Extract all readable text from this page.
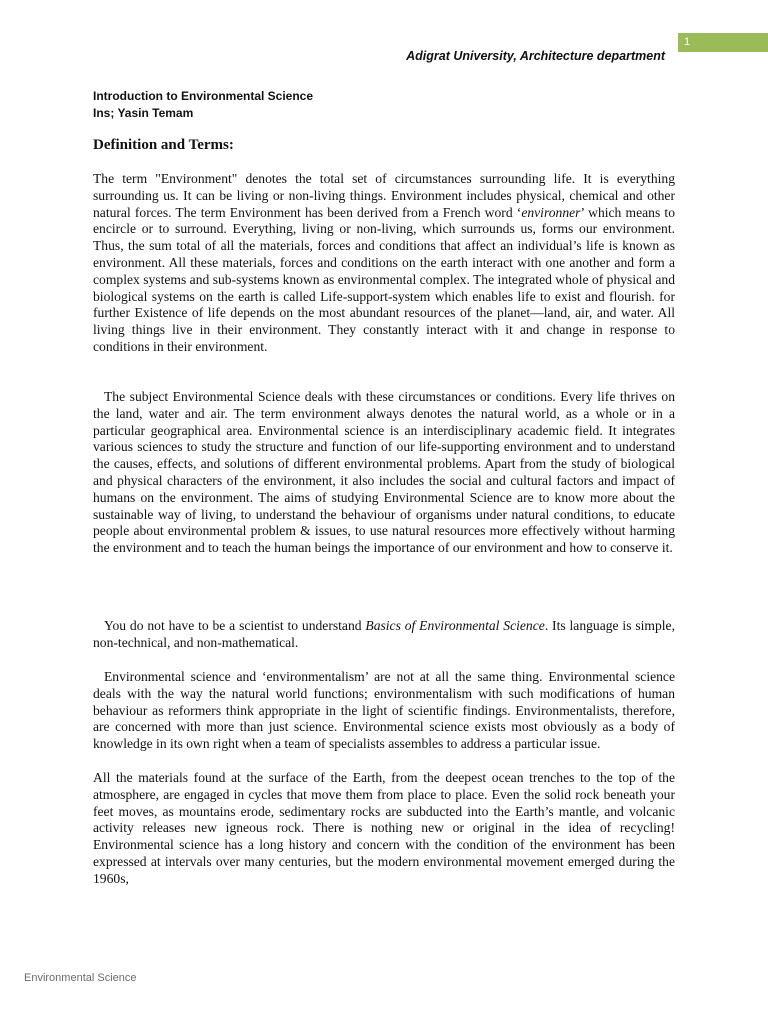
1
Adigrat University, Architecture department
Introduction to Environmental Science
Ins; Yasin Temam
Definition and Terms:

The term "Environment" denotes the total set of circumstances surrounding life. It is everything surrounding us. It can be living or non-living things. Environment includes physical, chemical and other natural forces. The term Environment has been derived from a French word ‘environner’ which means to encircle or to surround. Everything, living or non-living, which surrounds us, forms our environment. Thus, the sum total of all the materials, forces and conditions that affect an individual’s life is known as environment. All these materials, forces and conditions on the earth interact with one another and form a complex systems and sub-systems known as environmental complex. The integrated whole of physical and biological systems on the earth is called Life-support-system which enables life to exist and flourish. for further Existence of life depends on the most abundant resources of the planet—land, air, and water. All living things live in their environment. They constantly interact with it and change in response to conditions in their environment.

The subject Environmental Science deals with these circumstances or conditions. Every life thrives on the land, water and air. The term environment always denotes the natural world, as a whole or in a particular geographical area. Environmental science is an interdisciplinary academic field. It integrates various sciences to study the structure and function of our life-supporting environment and to understand the causes, effects, and solutions of different environmental problems. Apart from the study of biological and physical characters of the environment, it also includes the social and cultural factors and impact of humans on the environment. The aims of studying Environmental Science are to know more about the sustainable way of living, to understand the behaviour of organisms under natural conditions, to educate people about environmental problem & issues, to use natural resources more effectively without harming the environment and to teach the human beings the importance of our environment and how to conserve it.

You do not have to be a scientist to understand Basics of Environmental Science. Its language is simple, non-technical, and non-mathematical.

Environmental science and ‘environmentalism’ are not at all the same thing. Environmental science deals with the way the natural world functions; environmentalism with such modifications of human behaviour as reformers think appropriate in the light of scientific findings. Environmentalists, therefore, are concerned with more than just science. Environmental science exists most obviously as a body of knowledge in its own right when a team of specialists assembles to address a particular issue.

All the materials found at the surface of the Earth, from the deepest ocean trenches to the top of the atmosphere, are engaged in cycles that move them from place to place. Even the solid rock beneath your feet moves, as mountains erode, sedimentary rocks are subducted into the Earth’s mantle, and volcanic activity releases new igneous rock. There is nothing new or original in the idea of recycling! Environmental science has a long history and concern with the condition of the environment has been expressed at intervals over many centuries, but the modern environmental movement emerged during the 1960s,

Environmental Science
